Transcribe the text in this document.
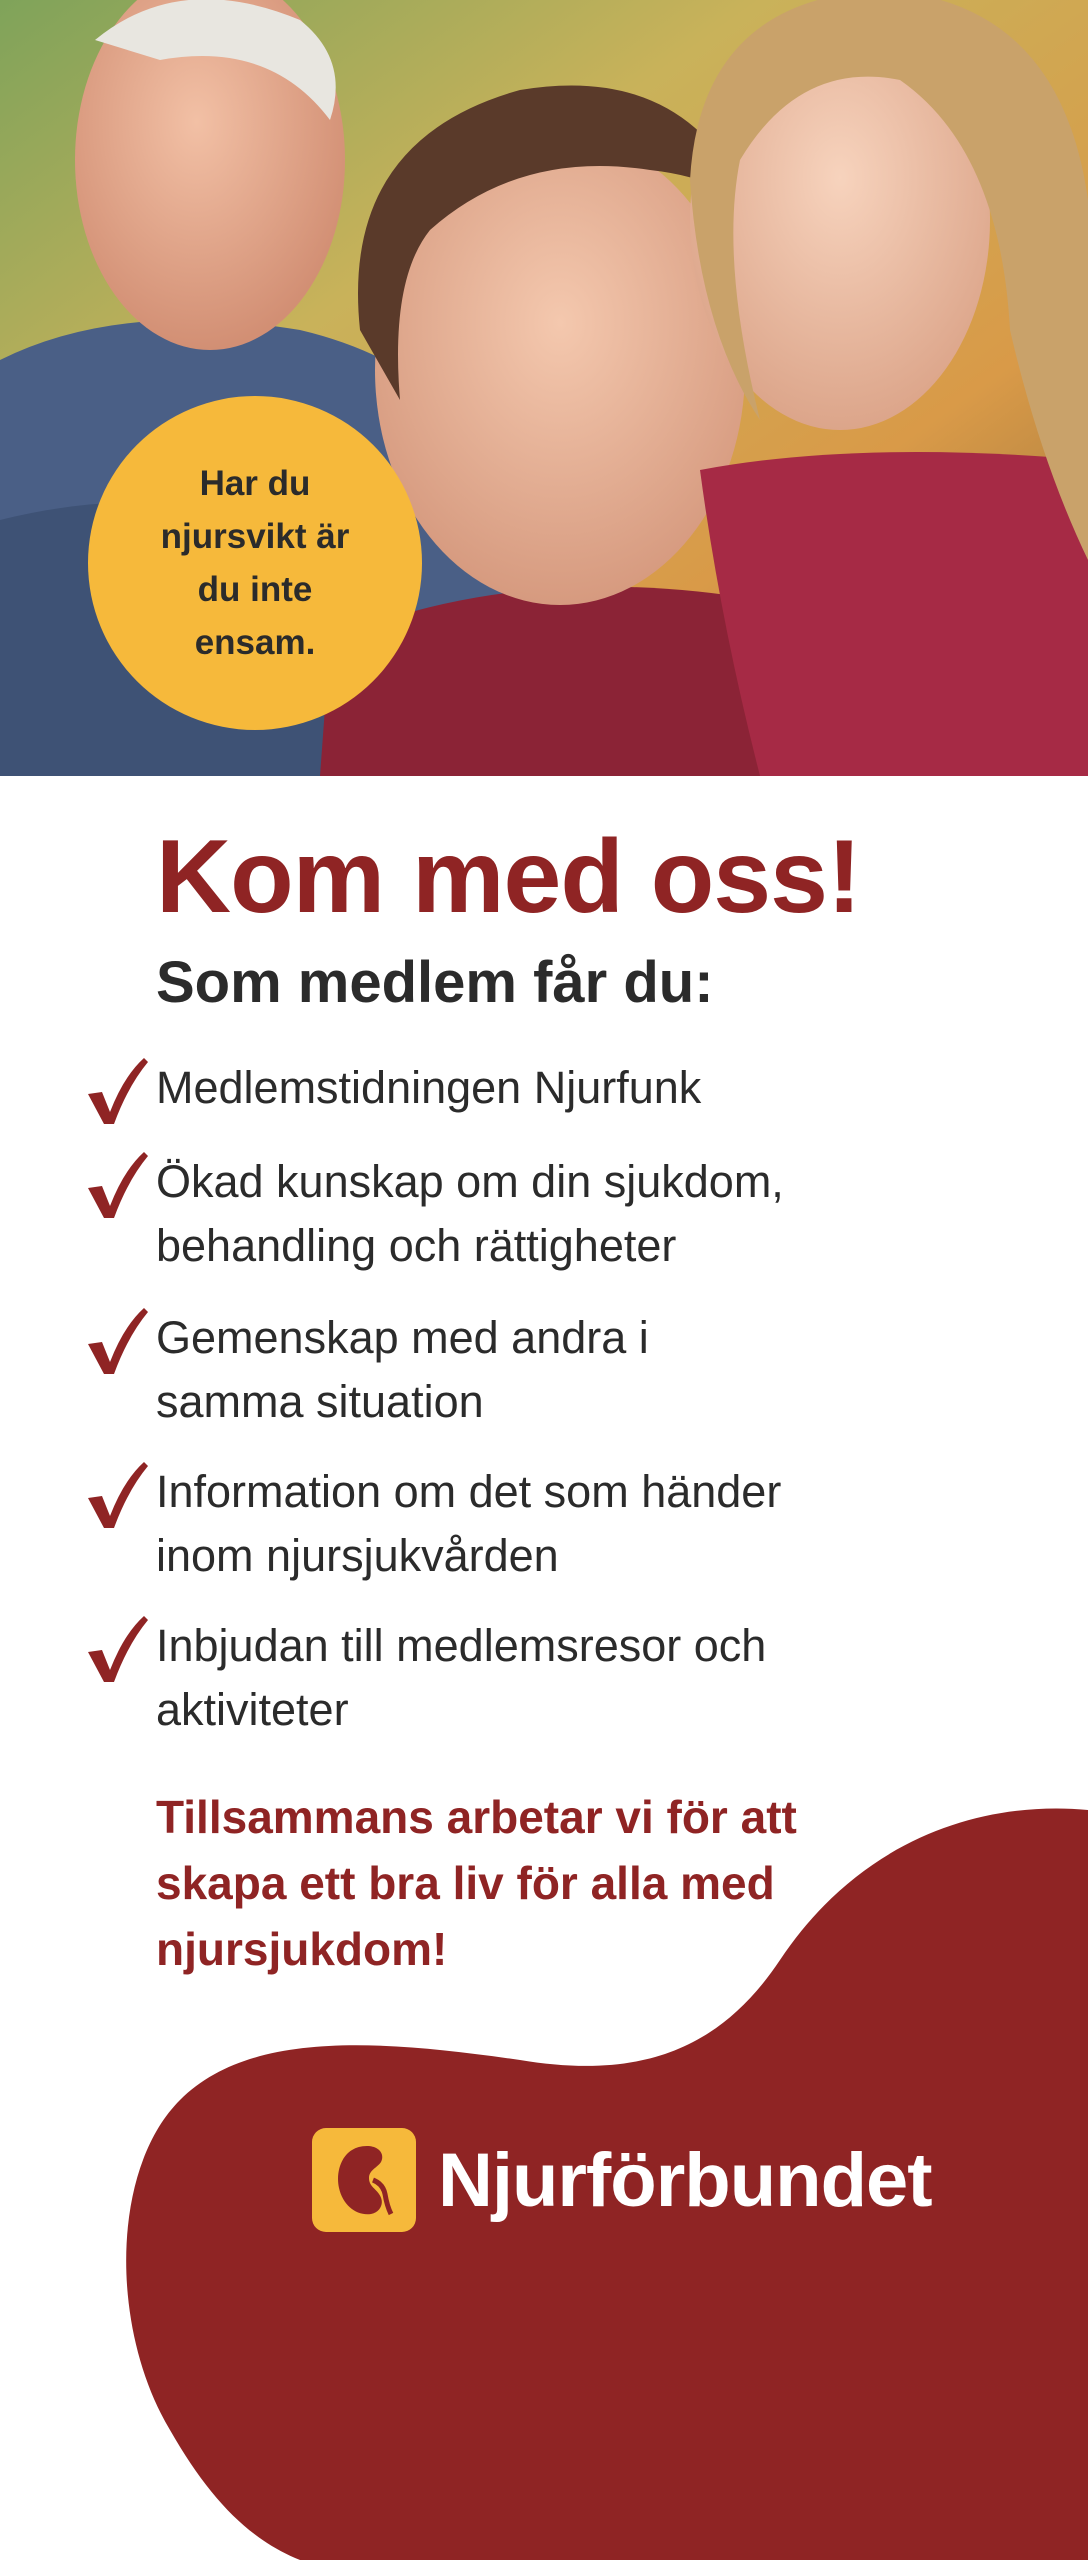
Har du njursvikt är du inte ensam.
Kom med oss!
Som medlem får du:
Medlemstidningen Njurfunk
Ökad kunskap om din sjukdom, behandling och rättigheter
Gemenskap med andra i samma situation
Information om det som händer inom njursjukvården
Inbjudan till medlemsresor och aktiviteter

Tillsammans arbetar vi för att skapa ett bra liv för alla med njursjukdom!

Njurförbundet
